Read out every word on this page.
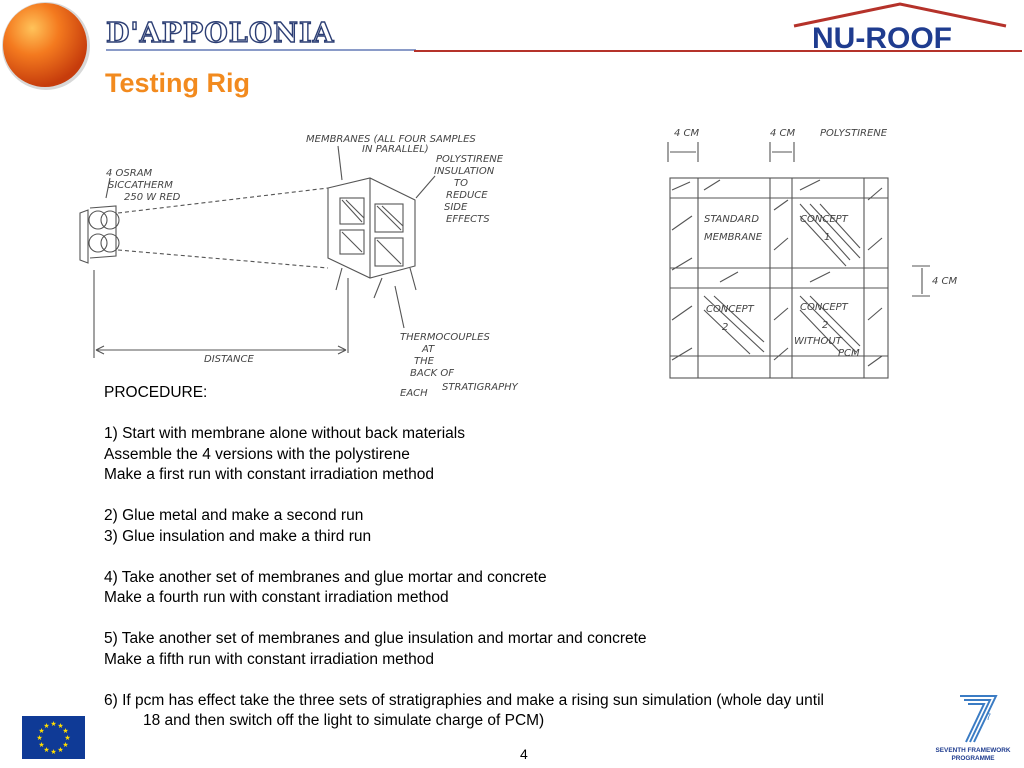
D'APPOLONIA	NU-ROOF
Testing Rig
4 OSRAM
SICCATHERM
250 W RED
MEMBRANES (ALL FOUR SAMPLES
IN PARALLEL)
POLYSTIRENE
INSULATION
TO
REDUCE
SIDE
EFFECTS
DISTANCE
THERMOCOUPLES
AT
THE
BACK OF
EACH
STRATIGRAPHY
4 CM	4 CM POLYSTIRENE
4 CM
STANDARD
MEMBRANE
CONCEPT
1
CONCEPT
2
CONCEPT
2
WITHOUT
PCM

PROCEDURE:

1) Start with membrane alone without back materials

Assemble the 4 versions with the polystirene

Make a first run with constant irradiation method

2) Glue metal and make a second run

3) Glue insulation and make a third run

4) Take another set of membranes and glue mortar and concrete

Make a fourth run with constant irradiation method

5) Take another set of membranes and glue insulation and mortar and concrete

Make a fifth run with constant irradiation method

6) If pcm has effect take the three sets of stratigraphies and make a rising sun simulation (whole day until

18 and then switch off the light to simulate charge of PCM)

★ ★
★
★
★
★
★
★
★
★
★
★
4
7
SEVENTH FRAMEWORK
PROGRAMME
